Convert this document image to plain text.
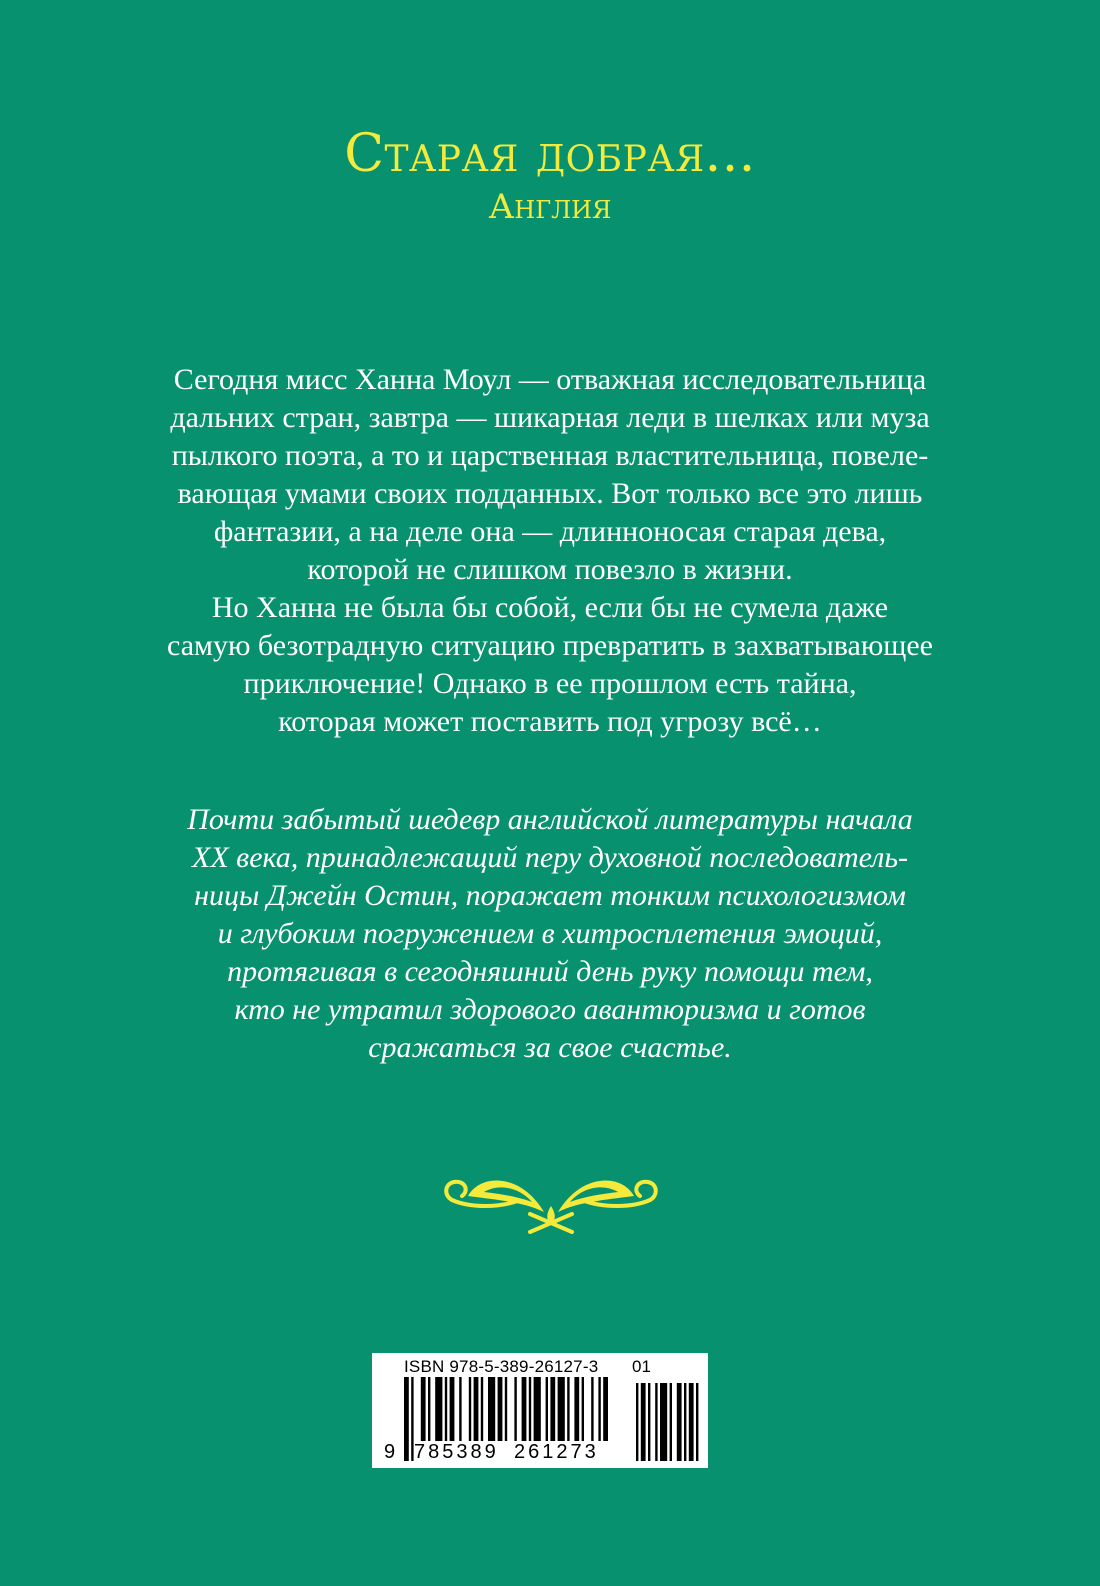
Старая добрая...
Англия
Сегодня мисс Ханна Моул — отважная исследовательница
дальних стран, завтра — шикарная леди в шелках или муза
пылкого поэта, а то и царственная властительница, повеле-
вающая умами своих подданных. Вот только все это лишь
фантазии, а на деле она — длинноносая старая дева,
которой не слишком повезло в жизни.
Но Ханна не была бы собой, если бы не сумела даже
самую безотрадную ситуацию превратить в захватывающее
приключение! Однако в ее прошлом есть тайна,
которая может поставить под угрозу всё…
Почти забытый шедевр английской литературы начала
XX века, принадлежащий перу духовной последователь-
ницы Джейн Остин, поражает тонким психологизмом
и глубоким погружением в хитросплетения эмоций,
протягивая в сегодняшний день руку помощи тем,
кто не утратил здорового авантюризма и готов
сражаться за свое счастье.
ISBN 978-5-389-26127-3 01
9 785389 261273
